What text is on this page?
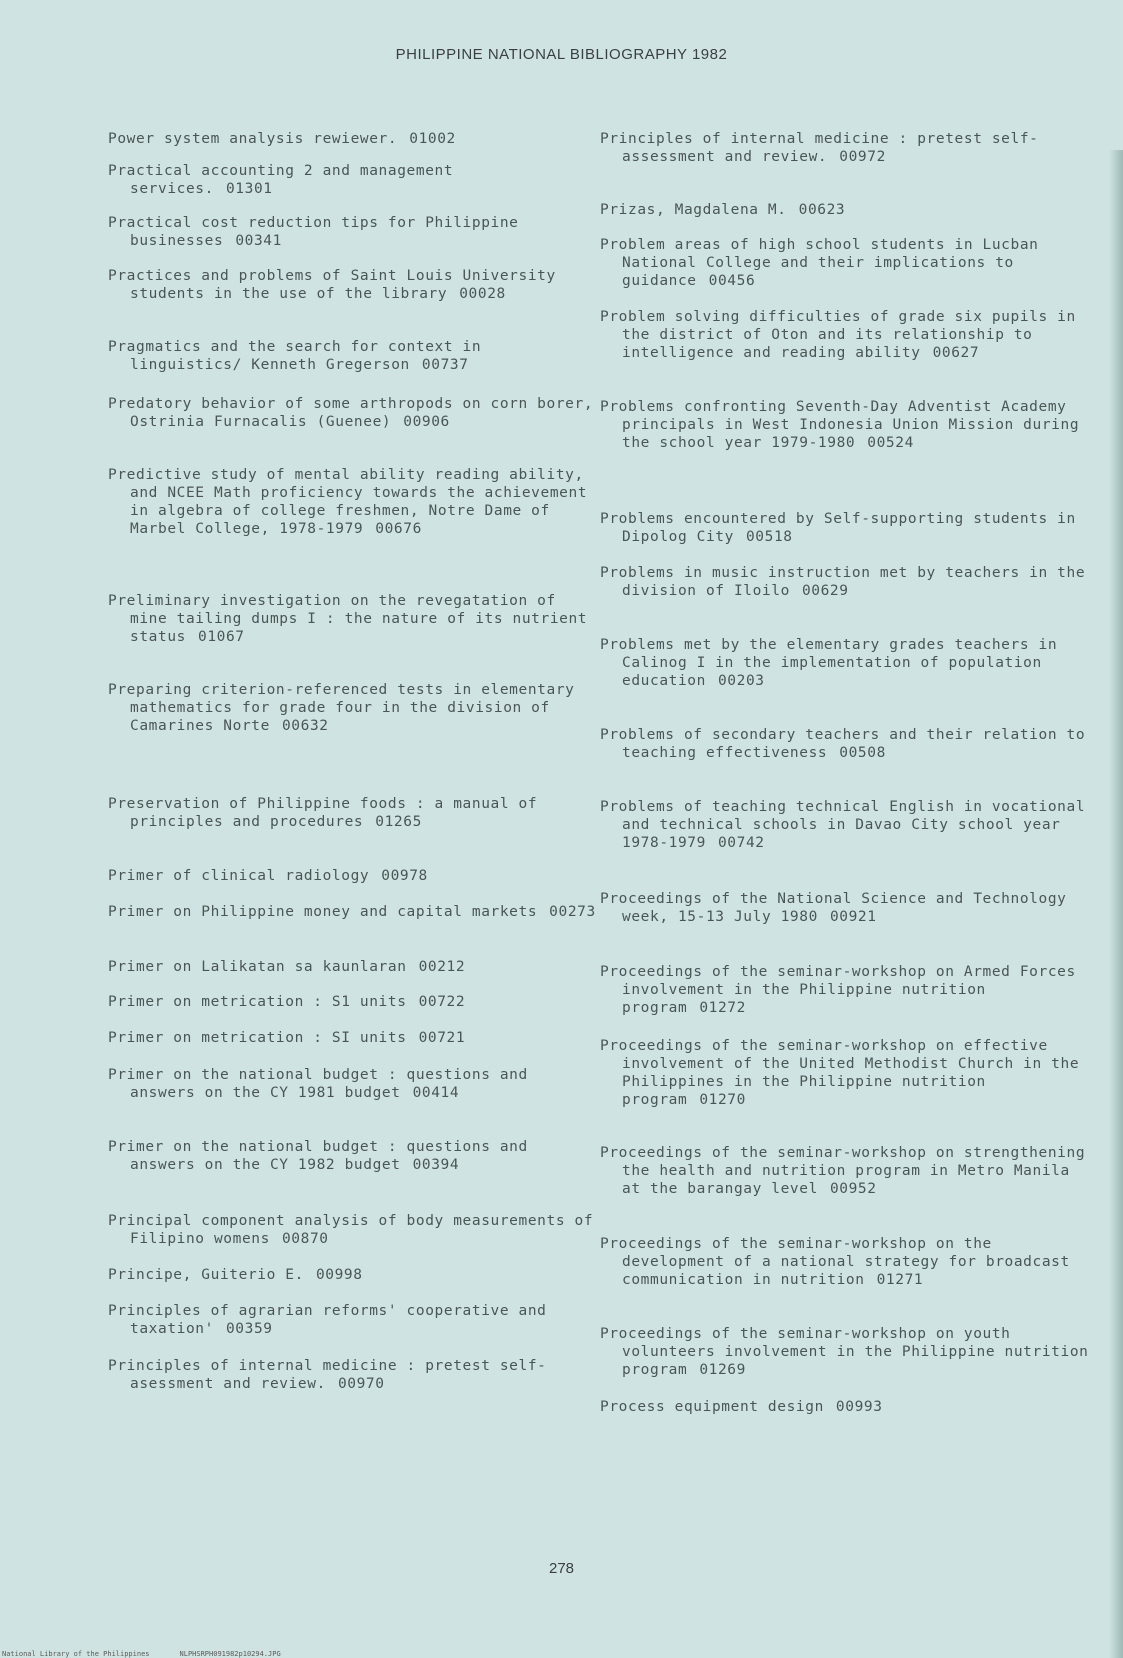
PHILIPPINE NATIONAL BIBLIOGRAPHY 1982
Power system analysis rewiewer. 01002
Practical accounting 2 and management services. 01301
Practical cost reduction tips for Philippine businesses 00341
Practices and problems of Saint Louis University students in the use of the library 00028
Pragmatics and the search for context in linguistics/ Kenneth Gregerson 00737
Predatory behavior of some arthropods on corn borer, Ostrinia Furnacalis (Guenee) 00906
Predictive study of mental ability reading ability, and NCEE Math proficiency towards the achievement in algebra of college freshmen, Notre Dame of Marbel College, 1978-1979 00676
Preliminary investigation on the revegatation of mine tailing dumps I : the nature of its nutrient status 01067
Preparing criterion-referenced tests in elementary mathematics for grade four in the division of Camarines Norte 00632
Preservation of Philippine foods : a manual of principles and procedures 01265
Primer of clinical radiology 00978
Primer on Philippine money and capital markets 00273
Primer on Lalikatan sa kaunlaran 00212
Primer on metrication : S1 units 00722
Primer on metrication : SI units 00721
Primer on the national budget : questions and answers on the CY 1981 budget 00414
Primer on the national budget : questions and answers on the CY 1982 budget 00394
Principal component analysis of body measurements of Filipino womens 00870
Principe, Guiterio E. 00998
Principles of agrarian reforms' cooperative and taxation' 00359
Principles of internal medicine : pretest self-asessment and review. 00970
Principles of internal medicine : pretest self-assessment and review. 00972
Prizas, Magdalena M. 00623
Problem areas of high school students in Lucban National College and their implications to guidance 00456
Problem solving difficulties of grade six pupils in the district of Oton and its relationship to intelligence and reading ability 00627
Problems confronting Seventh-Day Adventist Academy principals in West Indonesia Union Mission during the school year 1979-1980 00524
Problems encountered by Self-supporting students in Dipolog City 00518
Problems in music instruction met by teachers in the division of Iloilo 00629
Problems met by the elementary grades teachers in Calinog I in the implementation of population education 00203
Problems of secondary teachers and their relation to teaching effectiveness 00508
Problems of teaching technical English in vocational and technical schools in Davao City school year 1978-1979 00742
Proceedings of the National Science and Technology week, 15-13 July 1980 00921
Proceedings of the seminar-workshop on Armed Forces involvement in the Philippine nutrition program 01272
Proceedings of the seminar-workshop on effective involvement of the United Methodist Church in the Philippines in the Philippine nutrition program 01270
Proceedings of the seminar-workshop on strengthening the health and nutrition program in Metro Manila at the barangay level 00952
Proceedings of the seminar-workshop on the development of a national strategy for broadcast communication in nutrition 01271
Proceedings of the seminar-workshop on youth volunteers involvement in the Philippine nutrition program 01269
Process equipment design 00993
278
National Library of the Philippines	NLPHSRPH091982p10294.JPG
